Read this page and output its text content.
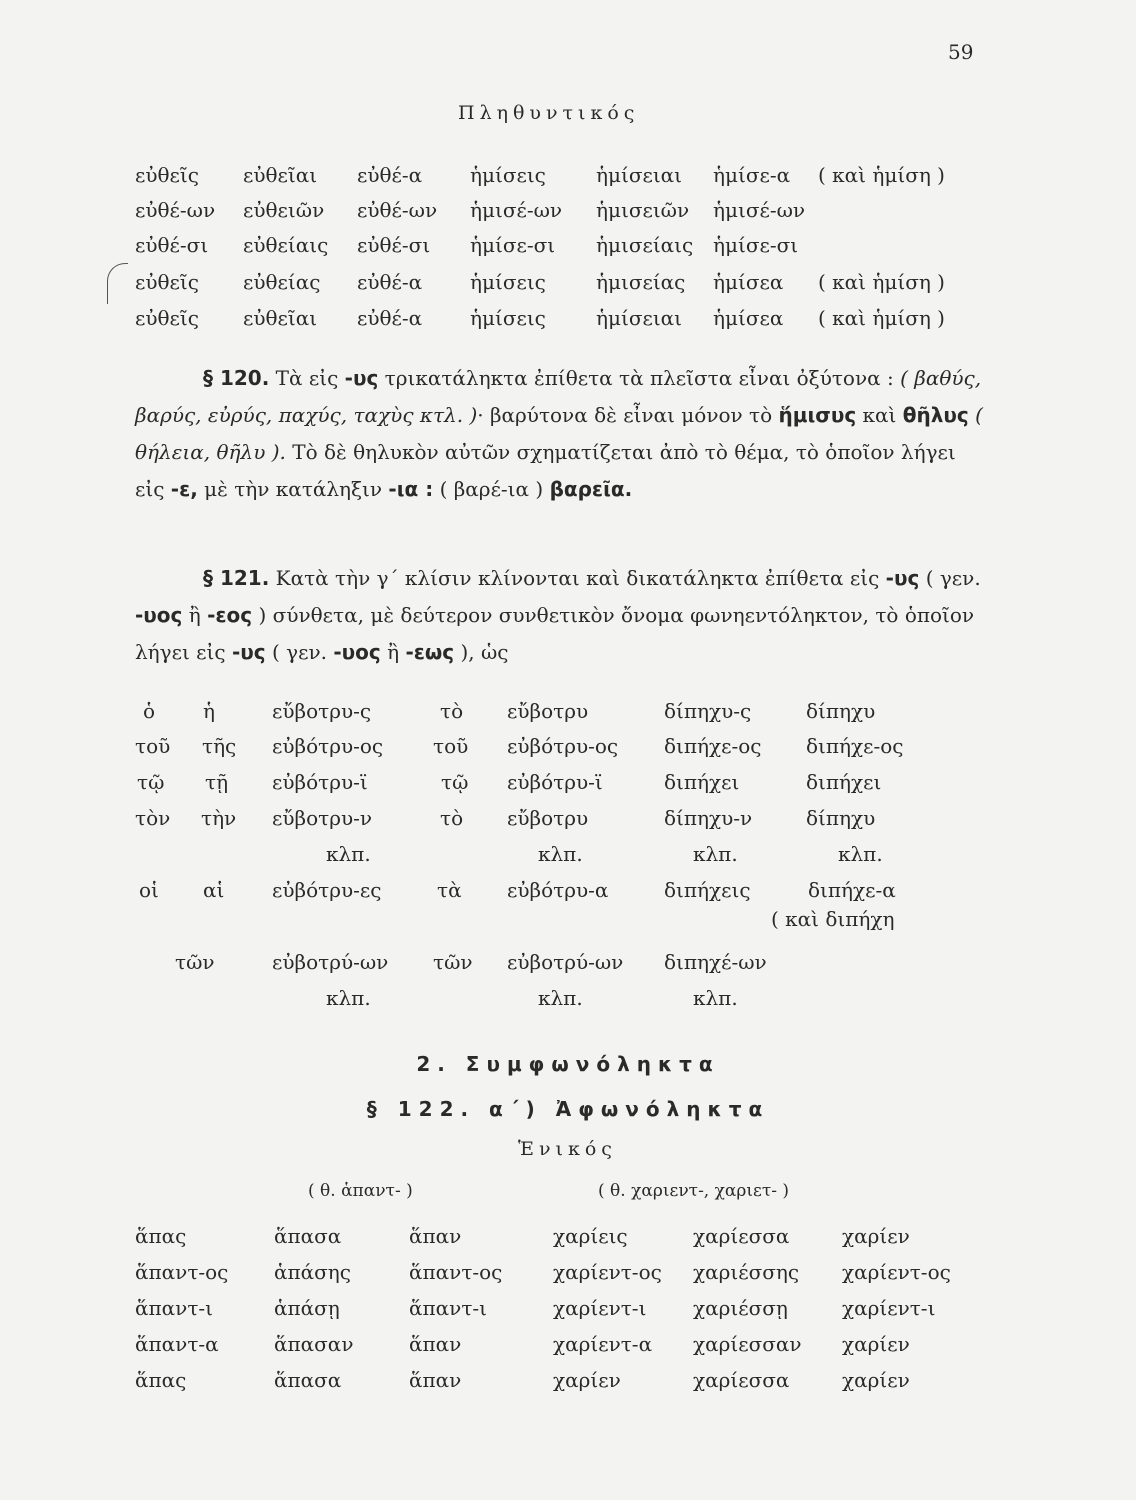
59
Πληθυντικός
εὐθεῖς εὐθεῖαι εὐθέ-α ἡμίσεις	ἡμίσειαι ἡμίσε-α ( καὶ ἡμίση )
εὐθέ-ων εὐθειῶν εὐθέ-ων ἡμισέ-ων ἡμισειῶν ἡμισέ-ων
εὐθέ-σι εὐθείαις εὐθέ-σι ἡμίσε-σι ἡμισείαις ἡμίσε-σι
εὐθεῖς εὐθείας εὐθέ-α ἡμίσεις	ἡμισείας ἡμίσεα ( καὶ ἡμίση )
εὐθεῖς εὐθεῖαι εὐθέ-α ἡμίσεις	ἡμίσειαι ἡμίσεα ( καὶ ἡμίση )

§ 120. Τὰ εἰς -υς τρικατάληκτα ἐπίθετα τὰ πλεῖστα εἶναι ὀξύτονα : ( βαθύς, βαρύς, εὐρύς, παχύς, ταχὺς κτλ. )· βαρύτονα δὲ εἶναι μόνον τὸ ἥμισυς καὶ θῆλυς ( θήλεια, θῆλυ ). Τὸ δὲ θηλυκὸν αὐτῶν σχηματίζεται ἀπὸ τὸ θέμα, τὸ ὁποῖον λήγει εἰς -ε, μὲ τὴν κατάληξιν -ια : ( βαρέ-ια ) βαρεῖα.

§ 121. Κατὰ τὴν γ΄ κλίσιν κλίνονται καὶ δικατάληκτα ἐπίθετα εἰς -υς ( γεν. -υος ἢ -εος ) σύνθετα, μὲ δεύτερον συνθετικὸν ὄνομα φωνηεντόληκτον, τὸ ὁποῖον λήγει εἰς -υς ( γεν. -υος ἢ -εως ), ὡς

ὁ ἡ	εὔβοτρυ-ς	τὸ εὔβοτρυ	δίπηχυ-ς	δίπηχυ
τοῦ τῆς εὐβότρυ-ος τοῦ εὐβότρυ-ος διπήχε-ος διπήχε-ος
τῷ τῇ εὐβότρυ-ϊ	τῷ εὐβότρυ-ϊ	διπήχει	διπήχει
τὸν τὴν εὔβοτρυ-ν	τὸ εὔβοτρυ	δίπηχυ-ν	δίπηχυ
κλπ.	κλπ.	κλπ.	κλπ.
οἱ αἱ εὐβότρυ-ες	τὰ εὐβότρυ-α	διπήχεις	διπήχε-α
( καὶ διπήχη
τῶν	εὐβοτρύ-ων τῶν εὐβοτρύ-ων διπηχέ-ων
κλπ.	κλπ.	κλπ.
2. Συμφωνόληκτα
§ 122. α΄) Ἀφωνόληκτα
Ἑνικός
( θ. ἁπαντ- )	( θ. χαριεντ-, χαριετ- )
ἅπας	ἅπασα	ἅπαν	χαρίεις	χαρίεσσα	χαρίεν
ἅπαντ-ος ἁπάσης	ἅπαντ-ος	χαρίεντ-ος χαριέσσης χαρίεντ-ος
ἅπαντ-ι	ἁπάσῃ	ἅπαντ-ι	χαρίεντ-ι χαριέσσῃ	χαρίεντ-ι
ἅπαντ-α	ἅπασαν	ἅπαν	χαρίεντ-α χαρίεσσαν χαρίεν
ἅπας	ἅπασα	ἅπαν	χαρίεν	χαρίεσσα	χαρίεν
